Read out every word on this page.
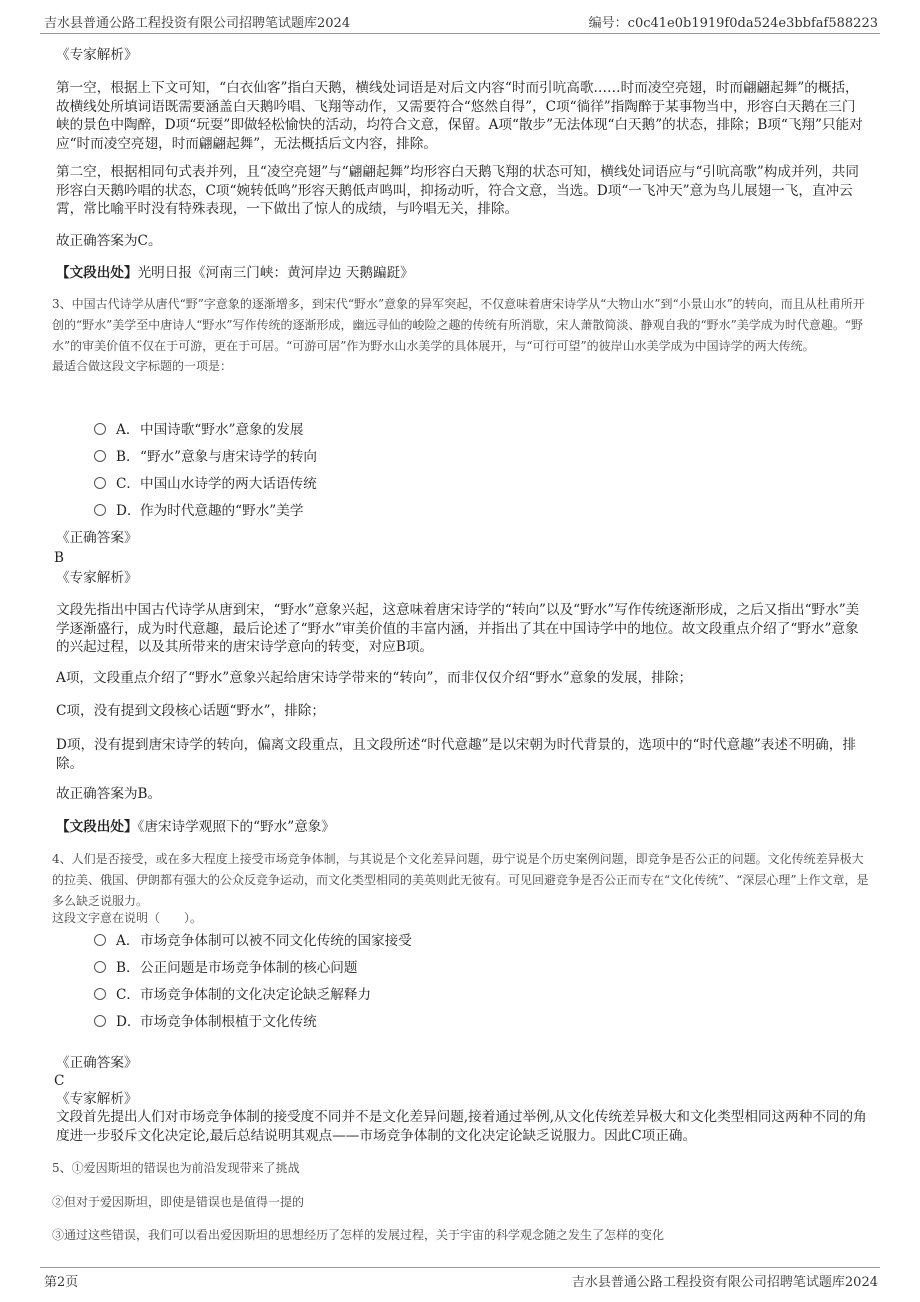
吉水县普通公路工程投资有限公司招聘笔试题库2024	编号：c0c41e0b1919f0da524e3bbfaf588223
《专家解析》
第一空，根据上下文可知，“白衣仙客”指白天鹅，横线处词语是对后文内容“时而引吭高歌……时而凌空亮翅，时而翩翩起舞”的概括，故横线处所填词语既需要涵盖白天鹅吟唱、飞翔等动作，又需要符合“悠然自得”，C项“徜徉”指陶醉于某事物当中，形容白天鹅在三门峡的景色中陶醉，D项“玩耍”即做轻松愉快的活动，均符合文意，保留。A项“散步”无法体现“白天鹅”的状态，排除；B项“飞翔”只能对应“时而凌空亮翅，时而翩翩起舞”，无法概括后文内容，排除。
第二空，根据相同句式表并列，且“凌空亮翅”与“翩翩起舞”均形容白天鹅飞翔的状态可知，横线处词语应与“引吭高歌”构成并列，共同形容白天鹅吟唱的状态，C项“婉转低鸣”形容天鹅低声鸣叫，抑扬动听，符合文意，当选。D项“一飞冲天”意为鸟儿展翅一飞，直冲云霄，常比喻平时没有特殊表现，一下做出了惊人的成绩，与吟唱无关，排除。
故正确答案为C。
【文段出处】光明日报《河南三门峡：黄河岸边 天鹅蹁跹》
3、中国古代诗学从唐代“野”字意象的逐渐增多，到宋代“野水”意象的异军突起，不仅意味着唐宋诗学从“大物山水”到“小景山水”的转向，而且从杜甫所开创的“野水”美学至中唐诗人“野水”写作传统的逐渐形成，幽远寻仙的峻险之趣的传统有所消歇，宋人萧散简淡、静观自我的“野水”美学成为时代意趣。“野水”的审美价值不仅在于可游，更在于可居。“可游可居”作为野水山水美学的具体展开，与“可行可望”的彼岸山水美学成为中国诗学的两大传统。
最适合做这段文字标题的一项是：
A．中国诗歌“野水”意象的发展
B．“野水”意象与唐宋诗学的转向
C．中国山水诗学的两大话语传统
D．作为时代意趣的“野水”美学
《正确答案》
B
《专家解析》
文段先指出中国古代诗学从唐到宋，“野水”意象兴起，这意味着唐宋诗学的“转向”以及“野水”写作传统逐渐形成，之后又指出“野水”美学逐渐盛行，成为时代意趣，最后论述了“野水”审美价值的丰富内涵，并指出了其在中国诗学中的地位。故文段重点介绍了“野水”意象的兴起过程，以及其所带来的唐宋诗学意向的转变，对应B项。
A项，文段重点介绍了“野水”意象兴起给唐宋诗学带来的“转向”，而非仅仅介绍“野水”意象的发展，排除；
C项，没有提到文段核心话题“野水”，排除；
D项，没有提到唐宋诗学的转向，偏离文段重点，且文段所述“时代意趣”是以宋朝为时代背景的，选项中的“时代意趣”表述不明确，排除。
故正确答案为B。
【文段出处】《唐宋诗学观照下的“野水”意象》
4、人们是否接受，或在多大程度上接受市场竞争体制，与其说是个文化差异问题，毋宁说是个历史案例问题，即竞争是否公正的问题。文化传统差异极大的拉美、俄国、伊朗都有强大的公众反竞争运动，而文化类型相同的美英则此无彼有。可见回避竞争是否公正而专在“文化传统”、“深层心理”上作文章，是多么缺乏说服力。
这段文字意在说明（　　）。
A．市场竞争体制可以被不同文化传统的国家接受
B．公正问题是市场竞争体制的核心问题
C．市场竞争体制的文化决定论缺乏解释力
D．市场竞争体制根植于文化传统
《正确答案》
C
《专家解析》
文段首先提出人们对市场竞争体制的接受度不同并不是文化差异问题,接着通过举例,从文化传统差异极大和文化类型相同这两种不同的角度进一步驳斥文化决定论,最后总结说明其观点——市场竞争体制的文化决定论缺乏说服力。因此C项正确。
5、①爱因斯坦的错误也为前沿发现带来了挑战
②但对于爱因斯坦，即使是错误也是值得一提的
③通过这些错误，我们可以看出爱因斯坦的思想经历了怎样的发展过程，关于宇宙的科学观念随之发生了怎样的变化
第2页	吉水县普通公路工程投资有限公司招聘笔试题库2024
